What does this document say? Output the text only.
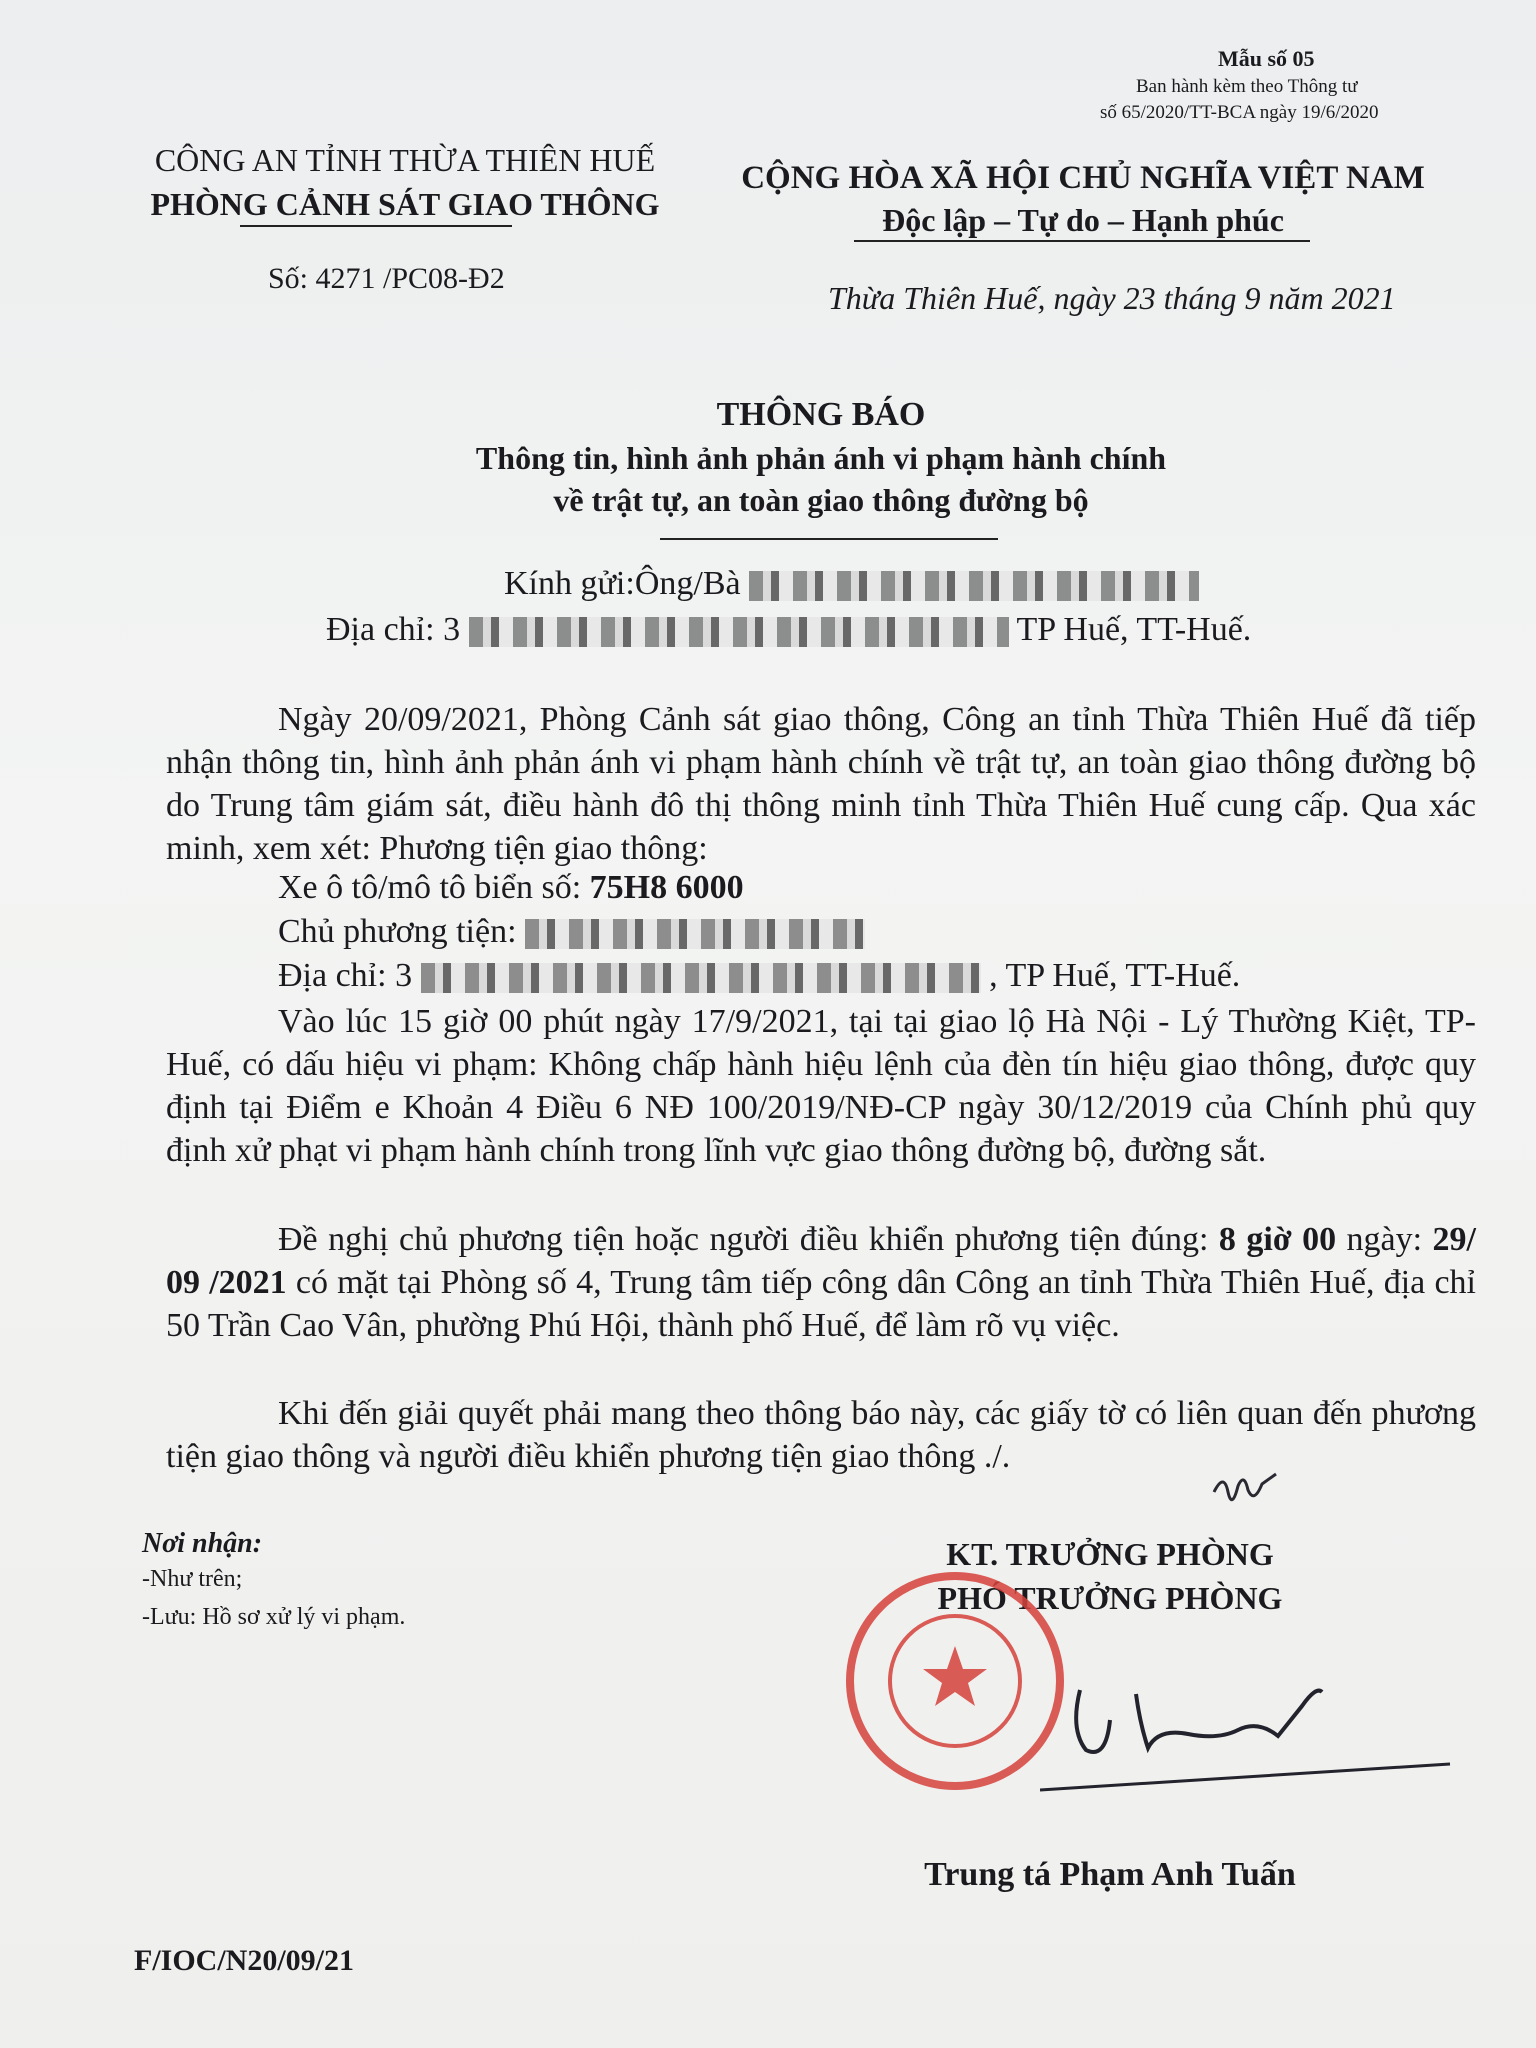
Mẫu số 05
Ban hành kèm theo Thông tư
số 65/2020/TT-BCA ngày 19/6/2020
CÔNG AN TỈNH THỪA THIÊN HUẾ
PHÒNG CẢNH SÁT GIAO THÔNG
Số: 4271 /PC08-Đ2
CỘNG HÒA XÃ HỘI CHỦ NGHĨA VIỆT NAM
Độc lập – Tự do – Hạnh phúc
Thừa Thiên Huế, ngày 23 tháng 9 năm 2021
THÔNG BÁO
Thông tin, hình ảnh phản ánh vi phạm hành chính
về trật tự, an toàn giao thông đường bộ
Kính gửi:Ông/Bà
Địa chỉ: 3	TP Huế, TT-Huế.
Ngày 20/09/2021, Phòng Cảnh sát giao thông, Công an tỉnh Thừa Thiên Huế đã tiếp nhận thông tin, hình ảnh phản ánh vi phạm hành chính về trật tự, an toàn giao thông đường bộ do Trung tâm giám sát, điều hành đô thị thông minh tỉnh Thừa Thiên Huế cung cấp. Qua xác minh, xem xét: Phương tiện giao thông:
Xe ô tô/mô tô biển số: 75H8 6000
Chủ phương tiện:
Địa chỉ: 3	, TP Huế, TT-Huế.
Vào lúc 15 giờ 00 phút ngày 17/9/2021, tại tại giao lộ Hà Nội - Lý Thường Kiệt, TP-Huế, có dấu hiệu vi phạm: Không chấp hành hiệu lệnh của đèn tín hiệu giao thông, được quy định tại Điểm e Khoản 4 Điều 6 NĐ 100/2019/NĐ-CP ngày 30/12/2019 của Chính phủ quy định xử phạt vi phạm hành chính trong lĩnh vực giao thông đường bộ, đường sắt.
Đề nghị chủ phương tiện hoặc người điều khiển phương tiện đúng: 8 giờ 00 ngày: 29/ 09 /2021 có mặt tại Phòng số 4, Trung tâm tiếp công dân Công an tỉnh Thừa Thiên Huế, địa chỉ 50 Trần Cao Vân, phường Phú Hội, thành phố Huế, để làm rõ vụ việc.
Khi đến giải quyết phải mang theo thông báo này, các giấy tờ có liên quan đến phương tiện giao thông và người điều khiển phương tiện giao thông ./.
Nơi nhận:
-Như trên;
-Lưu: Hồ sơ xử lý vi phạm.
KT. TRƯỞNG PHÒNG
PHÓ TRƯỞNG PHÒNG
Trung tá Phạm Anh Tuấn
F/IOC/N20/09/21
